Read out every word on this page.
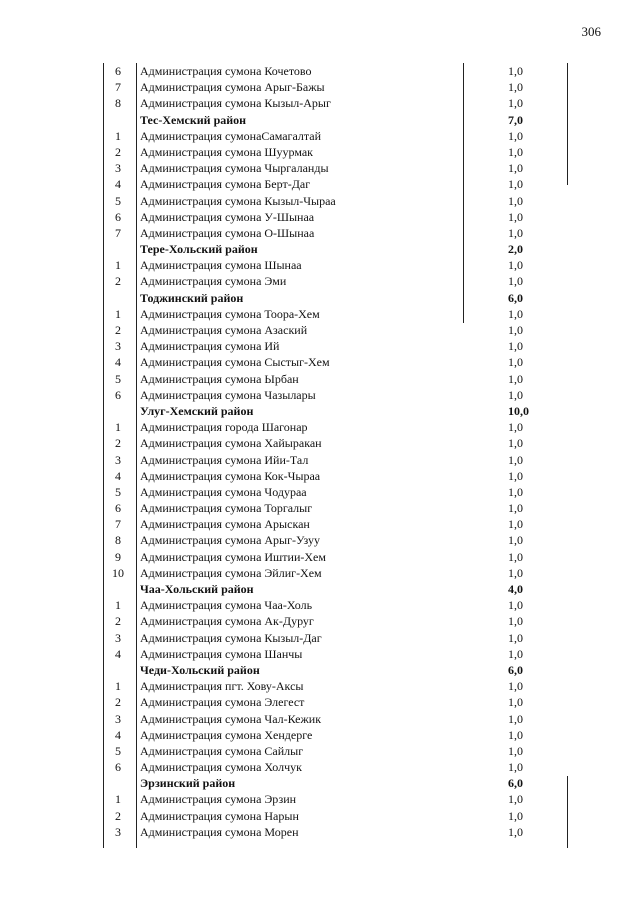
306
6	Администрация сумона Кочетово	1,0
7	Администрация сумона Арыг-Бажы	1,0
8	Администрация сумона Кызыл-Арыг	1,0
Тес-Хемский район	7,0
1	Администрация сумонаСамагалтай	1,0
2	Администрация сумона Шуурмак	1,0
3	Администрация сумона Чыргаланды	1,0
4	Администрация сумона Берт-Даг	1,0
5	Администрация сумона Кызыл-Чыраа	1,0
6	Администрация сумона У-Шынаа	1,0
7	Администрация сумона О-Шынаа	1,0
Тере-Хольский район	2,0
1	Администрация сумона Шынаа	1,0
2	Администрация сумона Эми	1,0
Тоджинский район	6,0
1	Администрация сумона Тоора-Хем	1,0
2	Администрация сумона Азаский	1,0
3	Администрация сумона Ий	1,0
4	Администрация сумона Сыстыг-Хем	1,0
5	Администрация сумона Ырбан	1,0
6	Администрация сумона Чазылары	1,0
Улуг-Хемский район	10,0
1	Администрация города Шагонар	1,0
2	Администрация сумона Хайыракан	1,0
3	Администрация сумона Ийи-Тал	1,0
4	Администрация сумона Кок-Чыраа	1,0
5	Администрация сумона Чодураа	1,0
6	Администрация сумона Торгалыг	1,0
7	Администрация сумона Арыскан	1,0
8	Администрация сумона Арыг-Узуу	1,0
9	Администрация сумона Иштии-Хем	1,0
10	Администрация сумона Эйлиг-Хем	1,0
Чаа-Хольский район	4,0
1	Администрация сумона Чаа-Холь	1,0
2	Администрация сумона Ак-Дуруг	1,0
3	Администрация сумона Кызыл-Даг	1,0
4	Администрация сумона Шанчы	1,0
Чеди-Хольский район	6,0
1	Администрация пгт. Хову-Аксы	1,0
2	Администрация сумона Элегест	1,0
3	Администрация сумона Чал-Кежик	1,0
4	Администрация сумона Хендерге	1,0
5	Администрация сумона Сайлыг	1,0
6	Администрация сумона Холчук	1,0
Эрзинский район	6,0
1	Администрация сумона Эрзин	1,0
2	Администрация сумона Нарын	1,0
3	Администрация сумона Морен	1,0
